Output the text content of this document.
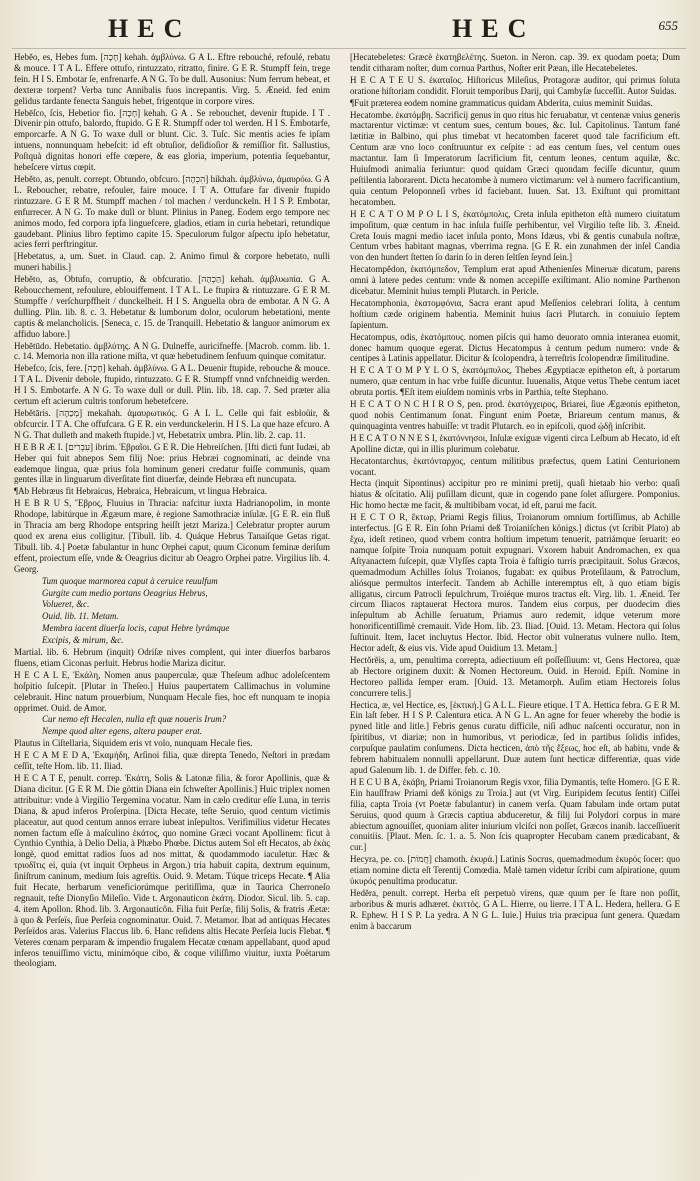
HEC	HEC	655

Hebĕo, es, Hebes fum. [חָכָה] kehah. ἀμβλύνω. G A L. Eftre rebouché, refoulé, rebatu & mouce. I T A L. Effere ottufo, rintuzzato, ritratto, finire. G E R. Stumpff fein, trege fein. H I S. Embotar ſe, enfrenarfe. A N G. To be dull. Ausonius: Num ferrum hebeat, et dexteræ torpent? Verba tunc Annibalis fuos increpantis. Virg. 5. Æneid. fed enim gelidus tardante fenecta Sanguis hebet, frigentque in corpore vires.

Hebēſco, ſcis, Hebetior fio. [חָכָה] kehah. G A . Se rebouchet, devenir ftupide. I T . Divenir pin ottufo, balordo, ftupido. G E R. Stumpff oder tol werden. H I S. Embotarfe, emporcarfe. A N G. To waxe dull or blunt. Cic. 3. Tuſc. Sic mentis acies fe ipſam intuens, nonnunquam hebeſcit: id eft obtuſior, deſidioſior & remiſſior fit. Sallustius, Poſtquà dignitas honori effe cœpere, & eas gloria, imperium, potentia ſequebantur, hebeſcere virtus cœpit.

Hebĕto, as, penult. corrept. Obtundo, obfcuro. [הִכְהָה] hikhah. ἀμβλύνω, ἀμαυρόω. G A L. Reboucher, rebatre, refouler, faire mouce. I T A. Ottufare far divenir ftupido rintuzzare. G E R M. Stumpff machen / tol machen / verdunckeln. H I S P. Embotar, enfurrecer. A N G. To make dull or blunt. Plinius in Paneg. Eodem ergo tempore nec animos modo, fed corpora ipfa linguefcere, gladios, etiam in curia hebetari, retundique gaudebant. Plinius libro feptimo capite 15. Speculorum fulgor aſpectu ipſo hebetatur, acies ferri perftringitur.

[Hebetatus, a, um. Suet. in Claud. cap. 2. Animo fimul & corpore hebetato, nulli muneri habilis.]

Hebĕto, as, Obtufo, corruptio, & obfcuratio. [הַכְהָה] kehah. ἀμβλυωπία. G A. Reboucchement, refoulure, eblouiffement. I T A L. Le ftupira & rintuzzare. G E R M. Stumpffe / verſchurpffheit / dunckelheit. H I S. Anguella obra de embotar. A N G. A dulling. Plin. lib. 8. c. 3. Hebetatur & lumborum dolor, oculorum hebetationi, mente captis & melancholicis. [Seneca, c. 15. de Tranquill. Hebetatio & languor animorum ex affiduo labore.]

Hebĕtūdo. Hebetatio. ἀμβλύτης. A N G. Dulneffe, auricifneffe. [Macrob. comm. lib. 1. c. 14. Memoria non illa ratione miſta, vt quæ hebetudinem ſenfuum quinque comitatur.

Hebefco, ſcis, fere. [חָכָה] kehah. ἀμβλύνω. G A L. Deuenir ftupide, rebouche & mouce. I T A L. Divenir debole, ftupido, rintuzzato. G E R. Stumpff vnnd vnfchneidig werden. H I S. Embotarfe. A N G. To waxe dull or dull. Plin. lib. 18. cap. 7. Sed præter alia certum eft acierum cultris tonforum hebetefcere.

Hebĕtāris. [מְכַהָה] mekahah. ἀμαυρωτικός. G A L L. Celle qui fait esbloüir, & obfcurcir. I T A. Che offufcara. G E R. ein verdunckelerin. H I S. La que haze efcuro. A N G. That dulleth and maketh ftupide.] vt, Hebetatrix umbra. Plin. lib. 2. cap. 11.

H E B R Æ I. [עִבְרִים] ibrim. Ἑβραῖοι. G E R. Die Hebreiſchen. [Ifti dicti funt Iudæi, ab Heber qui fuit abnepos Sem filij Noe: prius Hebræi cognominati, ac deinde vna eademque lingua, quæ prius fola hominum generi credatur fuiſſe communis, quam gentes illæ in linguarum diverſitate fint diuerfæ, deinde Hebræa eft nuncupata.

¶Ab Hebræus fit Hebraicus, Hebraica, Hebraicum, vt lingua Hebraica.

H E B R U S, Ἕβρος, Fluuius in Thracia: nafcitur iuxta Hadrianopolim, in monte Rhodope, labitúrque in Ægæum mare, è regione Samothraciæ inſulæ. [G E R. ein fluß in Thracia am berg Rhodope entspring heiſſt jetzt Mariza.] Celebratur propter aurum quod ex arena eius colligitur. [Tibull. lib. 4. Quáque Hebrus Tanaiſque Getas rigat. Tibull. lib. 4.] Poetæ fabulantur in hunc Orphei caput, quum Ciconum feminæ deriſum effent, proiectum eſſe, vnde & Oeagrius dicitur ab Oeagro Orphei patre. Virgilius lib. 4. Georg.

Tum quoque marmorea caput à ceruice reuulfum

Gurgite cum medio portans Oeagrius Hebrus,

Volueret, &c.

Ouid. lib. 11. Metam.

Membra iacent diuerſa locis, caput Hebre lyrámque

Excipis, & mirum, &c.

Martial. lib. 6. Hebrum (inquit) Odriſæ nives complent, qui inter diuerfos barbaros fluens, etiam Ciconas perluit. Hebrus hodie Mariza dicitur.

H E C A L E, Ἑκάλη, Nomen anus pauperculæ, quæ Theſeum adhuc adoleſcentem hoſpitio ſuſcepit. [Plutar in Theſeo.] Huius paupertatem Callimachus in volumine celebrauit. Hinc natum prouerbium, Nunquam Hecale fies, hoc eft nunquam te inopia opprimet. Ouid. de Amor.

Cur nemo eft Hecalen, nulla eft quæ noueris Irum?

Nempe quod alter egens, altera pauper erat.

Plautus in Ciſtellaria, Siquidem eris vt volo, nunquam Hecale fies.

H E C A M E D A, Ἑκαμήδη, Arſinoi filia, quæ direpta Tenedo, Neſtori in prædam ceſſit, teſte Hom. lib. 11. Iliad.

H E C A T E, penult. correp. Ἑκάτη, Solis & Latonæ filia, & foror Apollinis, quæ & Diana dicitur. [G E R M. Die göttin Diana ein ſchweſter Apollinis.] Huic triplex nomen attribuitur: vnde à Virgilio Tergemina vocatur. Nam in cælo creditur eſſe Luna, in terris Diana, & apud inferos Proſerpina. [Dicta Hecate, teſte Seruio, quod centum victimis placeatur, aut quod centum annos errare iubeat inſepultos. Verifimilius videtur Hecates nomen factum eſſe à maſculino ἑκάτος, quo nomine Græci vocant Apollinem: ficut à Cynthio Cynthia, à Delio Delia, à Phæbo Phœbe. Dictus autem Sol eft Hecatos, ab ἑκὰς longè, quod emittat radios ſuos ad nos mittat, & quodammodo iaculetur. Hæc & τριοδῖτις ei, quia (vt inquit Orpheus in Argon.) tria habuit capita, dextrum equinum, ſiniſtrum caninum, medium ſuis agreſtis. Ouid. 9. Metam. Túque triceps Hecate. ¶ Alia fuit Hecate, herbarum veneficiorúmque peritiſſima, quæ in Taurica Cherroneſo regnauit, teſte Dionyſio Mileſio. Vide t. Argonauticon ἑκάτη. Diodor. Sicul. lib. 5. cap. 4. item Apollon. Rhod. lib. 3. Argonauticôn. Filia fuit Perſæ, filij Solis, & fratris Æetæ: à quo & Perſeïs, ſiue Perſeia cognominatur. Ouid. 7. Metamor. Ibat ad antiquas Hecates Perſeïdos aras. Valerius Flaccus lib. 6. Hanc reſidens altis Hecate Perſeia lucis Flebat. ¶ Veteres cœnam perparam & impendio frugalem Hecatæ cœnam appellabant, quod apud inferos tenuiſſimo victu, minimóque cibo, & coque viliſſimo viuitur, iuxta Poëtarum theologiam.

[Hecatebeletes: Græcè ἑκατηβελέτης. Sueton. in Neron. cap. 39. ex quodam poeta; Dum tendit citharam noſter, dum cornua Parthus, Noſter erit Pæan, ille Hecatebeletes.

H E C A T E U S. ἑκαταῖος. Hiſtoricus Mileſius, Protagoræ auditor, qui primus ſoluta oratione hiſtoriam condidit. Floruit temporibus Darij, qui Cambyſæ ſucceſſit. Autor Suidas.

¶Fuit præterea eodem nomine grammaticus quidam Abderita, cuius meminit Suidas.

Hecatombe. ἑκατόμβη. Sacrificij genus in quo ritus hic feruabatur, vt centenæ vnius generis mactarentur victimæ: vt centum sues, centum boues, &c. Iul. Capitolinus. Tantum fané lætitiæ in Balbino, qui plus timebat vt hecatomben faceret quod tale facrificium eft. Centum aræ vno loco conſtruuntur ex ceſpite : ad eas centum ſues, vel centum oues mactantur. Iam ſi Imperatorum ſacrificium fit, centum leones, centum aquilæ, &c. Huiuſmodi animalia feriuntur: quod quidam Græci quondam feciſſe dicuntur, quum peſtilentia laborarent. Dicta hecatombe à numero victimarum: vel à numero facrificantium, quia centum Peloponneſi vrbes id faciebant. Iuuen. Sat. 13. Exiſtunt qui promittant hecatomben.

H E C A T O M P O L I S, ἑκατόμπολις, Creta inſula epitheton eſtà numero ciuitatum impoſitum, quæ centum in hac inſula fuiſſe perhibentur, vel Virgilio teſte lib. 3. Æneid. Creta Iouis magni medio iacet inſula ponto, Mons Idæus, vbi & gentis cunabula noſtræ, Centum vrbes habitant magnas, vberrima regna. [G E R. ein zunahmen der inſel Candia von den hundert ſtetten ſo darin ſo in deren ſeltſen ſeynd ſein.]

Hecatompĕdon, ἑκατόμπεδον, Templum erat apud Athenienſes Mineruæ dicatum, parens omni à latere pedes centum: vnde & nomen accepiſſe exiſtimant. Alio nomine Parthenon dicebatur. Meminit huius templi Plutarch. in Pericle.

Hecatomphonia, ἑκατομφόνια, Sacra erant apud Meſſenios celebrari ſolita, à centum hoſtium cæde originem habentia. Meminit huius ſacri Plutarch. in conuiuio ſeptem ſapientum.

Hecatompus, odis, ἑκατόμπους. nomen piſcis qui hamo deuorato omnia interanea euomit, donec hamum quoque egerat. Dictus Hecatompus à centum pedum numero: vnde & centipes à Latinis appellatur. Dicitur & ſcolopendra, à terreſtris ſcolopendræ ſimilitudine.

H E C A T O M P Y L O S, ἑκατόμπυλος, Thebes Ægyptiacæ epitheton eſt, à portarum numero, quæ centum in hac vrbe fuiſſe dicuntur. Iuuenalis, Atque vetus Thebe centum iacet obruta portis. ¶Eſt item eiuſdem nominis vrbs in Parthia, teſte Stephano.

H E C A T O N C H I R O S, pen. prod. ἑκατόγχειρος, Briarei, ſiue Ægæonis epitheton, quod nobis Centimanum ſonat. Fingunt enim Poetæ, Briareum centum manus, & quinquaginta ventres habuiſſe: vt tradit Plutarch. eo in epiſcoli, quod ᾠδῇ inſcribit.

H E C A T O N N E S I, ἑκατόννησοι, Inſulæ exiguæ vigenti circa Leſbum ab Hecato, id eſt Apolline dictæ, qui in illis plurimum colebatur.

Hecatontarchus, ἑκατόνταρχος, centum militibus præfectus, quem Latini Centurionem vocant.

Hecta (inquit Sipontinus) accipitur pro re minimi pretij, quaſi hietaab hio verbo: quaſi hiatus & oſcitatio. Alij puſillam dicunt, quæ in cogendo pane ſolet aſſurgere. Pomponius. Hic homo hectæ me facit, & multibibam vocat, id eſt, parui me facit.

H E C T O R, ἕκτωρ, Priami Regis filius, Troianorum omnium fortiſſimus, ab Achille interfectus. [G E R. Ein ſohn Priami deß Troianiſchen königs.] dictus (vt ſcribit Plato) ab ἔχω, ideſt retineo, quod vrbem contra hoſtium impetum tenuerit, patriámque ſeruarit: eo namque ſoſpite Troia nunquam potuit expugnari. Vxorem habuit Andromachen, ex qua Aſtyanactem ſuſcepit, quæ Vlyſſes capta Troia è faſtigio turris præcipitauit. Solus Græcos, quemadmodum Achilles ſolus Troianos, fugabat: ex quibus Proteſilaum, & Patroclum, aliósque permultos interfecit. Tandem ab Achille interemptus eſt, à quo etiam bigis alligatus, circum Patrocli ſepulchrum, Troiéque muros tractus eſt. Virg. lib. 1. Æneid. Ter circum Iliacos raptauerat Hectora muros. Tandem eius corpus, per duodecim dies inſepultum ab Achille ſeruatum, Priamus auro redemit, idque veterum more honorificentiſſimè cremauit. Vide Hom. lib. 23. Iliad. [Ouid. 13. Metam. Hectora qui ſolus ſuſtinuit. Item, Iacet incluytus Hector. Ibid. Hector obit vulneratus vulnere nullo. Item, Hector adeſt, & eius vis. Vide apud Ouidium 13. Metam.]

Hectŏrĕis, a, um, penultima correpta, adiectiuum eſt poſſeſſiuum: vt, Gens Hectorea, quæ ab Hectore originem duxit: & Nomen Hectoreum. Ouid. in Heroid. Epiſt. Nomine in Hectoreo pallida ſemper eram. [Ouid. 13. Metamorph. Auſim etiam Hectoreis ſolus concurrere telis.]

Hectica, æ, vel Hectice, es, [ἑκτική.] G A L L. Fieure etique. I T A. Hettica febra. G E R M. Ein laſt ſeber. H I S P. Calentura etica. A N G L. An agne for feuer whereby the bodie is pyned litle and litle.] Febris genus curatu difficile, niſi adhuc naſcenti occuratur, non in ſpiritibus, vt diariæ; non in humoribus, vt periodicæ, ſed in partibus ſolidis infides, corpuſque paulatim conſumens. Dicta hecticen, ἀπὸ τῆς ἕξεως, hoc eſt, ab habitu, vnde & febrem habitualem nonnulli appellarunt. Duæ autem ſunt hecticæ differentiæ, quas vide apud Galenum lib. 1. de Differ. feb. c. 10.

H E C U B A, ἑκάβη, Priami Troianorum Regis vxor, filia Dymantis, teſte Homero. [G E R. Ein hauſſfraw Priami deß königs zu Troia.] aut (vt Virg. Euripidem ſecutus ſentit) Ciſſei filia, capta Troia (vt Poetæ fabulantur) in canem verſa. Quam fabulam inde ortam putat Seruius, quod quum à Græcis captiua abduceretur, & filij ſui Polydori corpus in mare abiectum agnouiſſet, quoniam aliter iniurium vlciſci non poſſet, Græcos inanib. lacceſſiuerit conuitiis. [Plaut. Men. ſc. 1. a. 5. Non ſcis quapropter Hecubam canem prædicabant, & cur.]

Hecyra, pe. co. [חֲמוֹת] chamoth. ἑκυρά.] Latinis Socrus, quemadmodum ἑκυρός ſocer: quo etiam nomine dicta eſt Terentij Comœdia. Malè tamen videtur ſcribi cum aſpiratione, quum ὑκυρός penultima producatur.

Hedĕra, penult. corrept. Herba eſt perpetuò virens, quæ quum per ſe ſtare non poſſit, arboribus & muris adhæret. ἑκιττός. G A L. Hierre, ou lierre. I T A L. Hedera, hellera. G E R. Ephew. H I S P. La yedra. A N G L. Iuie.] Huius tria præcipua ſunt genera. Quædam enim à baccarum
